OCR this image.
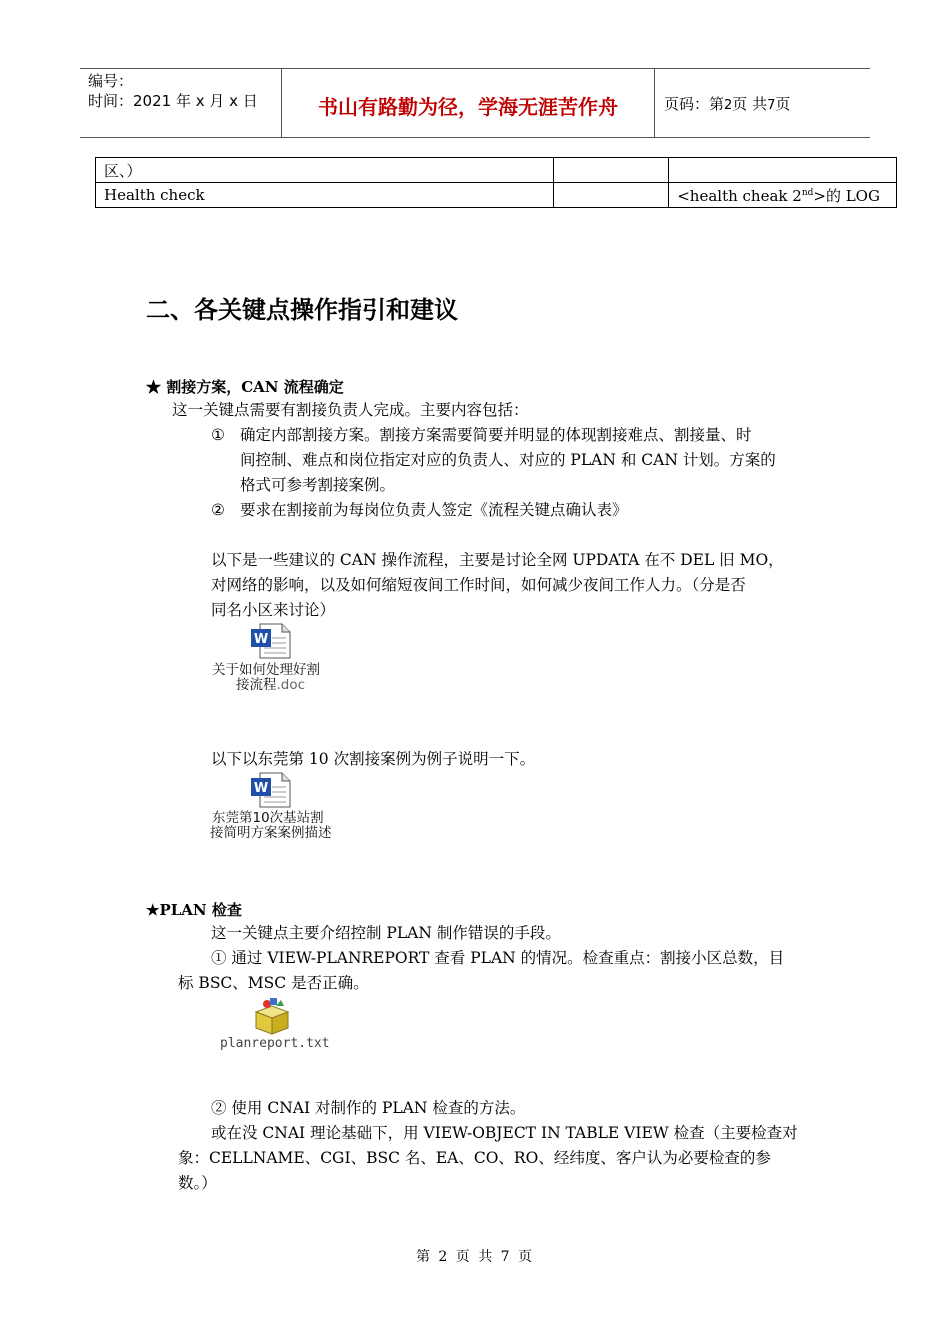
编号：
时间：2021 年 x 月 x 日	书山有路勤为径，学海无涯苦作舟	页码：第2页 共7页
区、）		
Health check		<health cheak 2nd>的 LOG
二、各关键点操作指引和建议
★ 割接方案，CAN 流程确定
这一关键点需要有割接负责人完成。主要内容包括：
① 确定内部割接方案。割接方案需要简要并明显的体现割接难点、割接量、时
间控制、难点和岗位指定对应的负责人、对应的 PLAN 和 CAN 计划。方案的
格式可参考割接案例。
② 要求在割接前为每岗位负责人签定《流程关键点确认表》
以下是一些建议的 CAN 操作流程，主要是讨论全网 UPDATA 在不 DEL 旧 MO，
对网络的影响，以及如何缩短夜间工作时间，如何减少夜间工作人力。（分是否
同名小区来讨论）
W
关于如何处理好割
接流程.doc
以下以东莞第 10 次割接案例为例子说明一下。
W
东莞第10次基站割
接简明方案案例描述
★PLAN 检查
这一关键点主要介绍控制 PLAN 制作错误的手段。
① 通过 VIEW-PLANREPORT 查看 PLAN 的情况。检查重点：割接小区总数，目
标 BSC、MSC 是否正确。
planreport.txt
② 使用 CNAI 对制作的 PLAN 检查的方法。
或在没 CNAI 理论基础下，用 VIEW-OBJECT IN TABLE VIEW 检查（主要检查对
象：CELLNAME、CGI、BSC 名、EA、CO、RO、经纬度、客户认为必要检查的参
数。）
第 2 页 共 7 页
